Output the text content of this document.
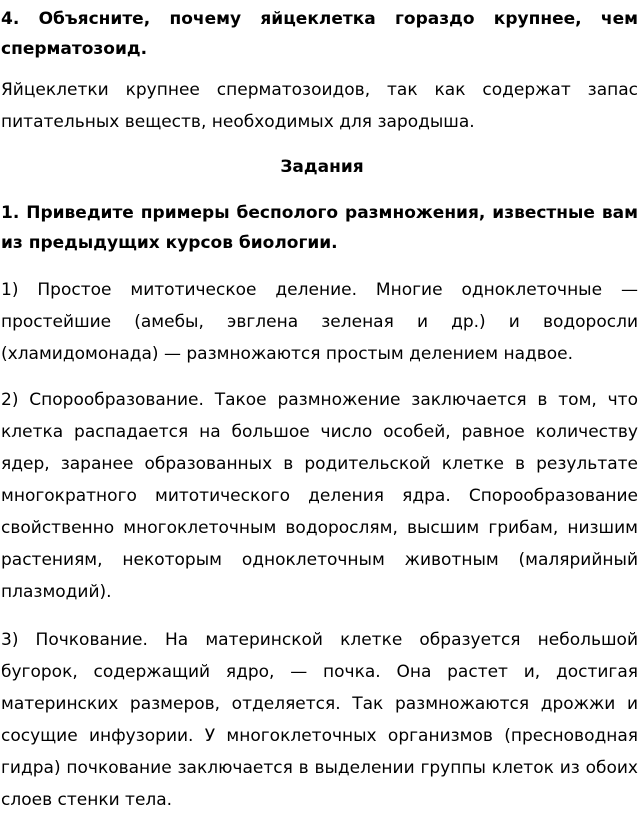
4. Объясните, почему яйцеклетка гораздо крупнее, чем сперматозоид.

Яйцеклетки крупнее сперматозоидов, так как содержат запас питательных веществ, необходимых для зародыша.

Задания

1. Приведите примеры бесполого размножения, известные вам из предыдущих курсов биологии.

1) Простое митотическое деление. Многие одноклеточные — простейшие (амебы, эвглена зеленая и др.) и водоросли (хламидомонада) — размножаются простым делением надвое.

2) Спорообразование. Такое размножение заключается в том, что клетка распадается на большое число особей, равное количеству ядер, заранее образованных в родительской клетке в результате многократного митотического деления ядра. Спорообразование свойственно многоклеточным водорослям, высшим грибам, низшим растениям, некоторым одноклеточным животным (малярийный плазмодий).

3) Почкование. На материнской клетке образуется небольшой бугорок, содержащий ядро, — почка. Она растет и, достигая материнских размеров, отделяется. Так размножаются дрожжи и сосущие инфузории. У многоклеточных организмов (пресноводная гидра) почкование заключается в выделении группы клеток из обоих слоев стенки тела.
